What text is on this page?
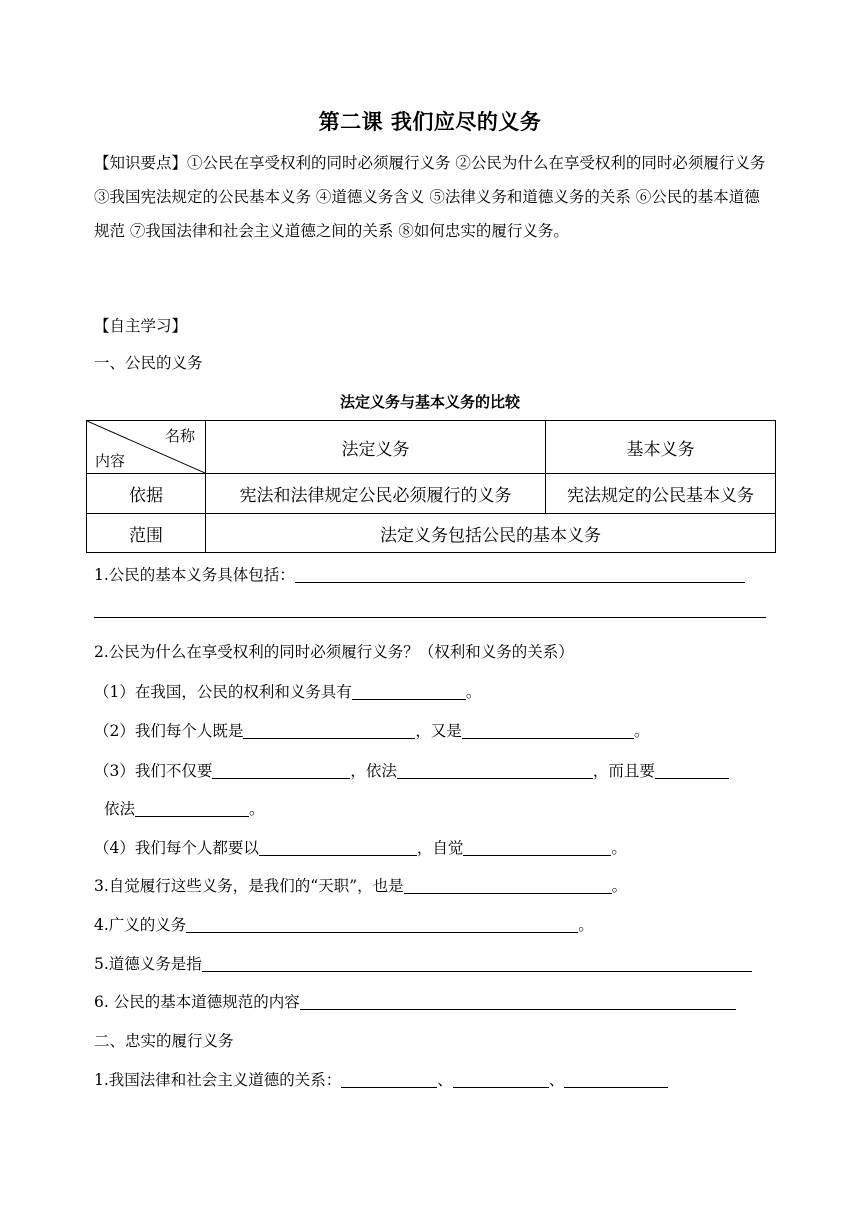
第二课 我们应尽的义务
【知识要点】①公民在享受权利的同时必须履行义务 ②公民为什么在享受权利的同时必须履行义务 ③我国宪法规定的公民基本义务 ④道德义务含义 ⑤法律义务和道德义务的关系 ⑥公民的基本道德规范 ⑦我国法律和社会主义道德之间的关系 ⑧如何忠实的履行义务。
【自主学习】
一、公民的义务
法定义务与基本义务的比较
名称
内容	法定义务	基本义务
依据	宪法和法律规定公民必须履行的义务	宪法规定的公民基本义务
范围	法定义务包括公民的基本义务	
1.公民的基本义务具体包括：
2.公民为什么在享受权利的同时必须履行义务？（权利和义务的关系）
（1）在我国，公民的权利和义务具有	。
（2）我们每个人既是	，又是	。
（3）我们不仅要	，依法	，而且要
依法	。
（4）我们每个人都要以	，自觉	。
3.自觉履行这些义务，是我们的“天职”，也是	。
4.广义的义务	。
5.道德义务是指
6. 公民的基本道德规范的内容
二、忠实的履行义务
1.我国法律和社会主义道德的关系：	、	、
